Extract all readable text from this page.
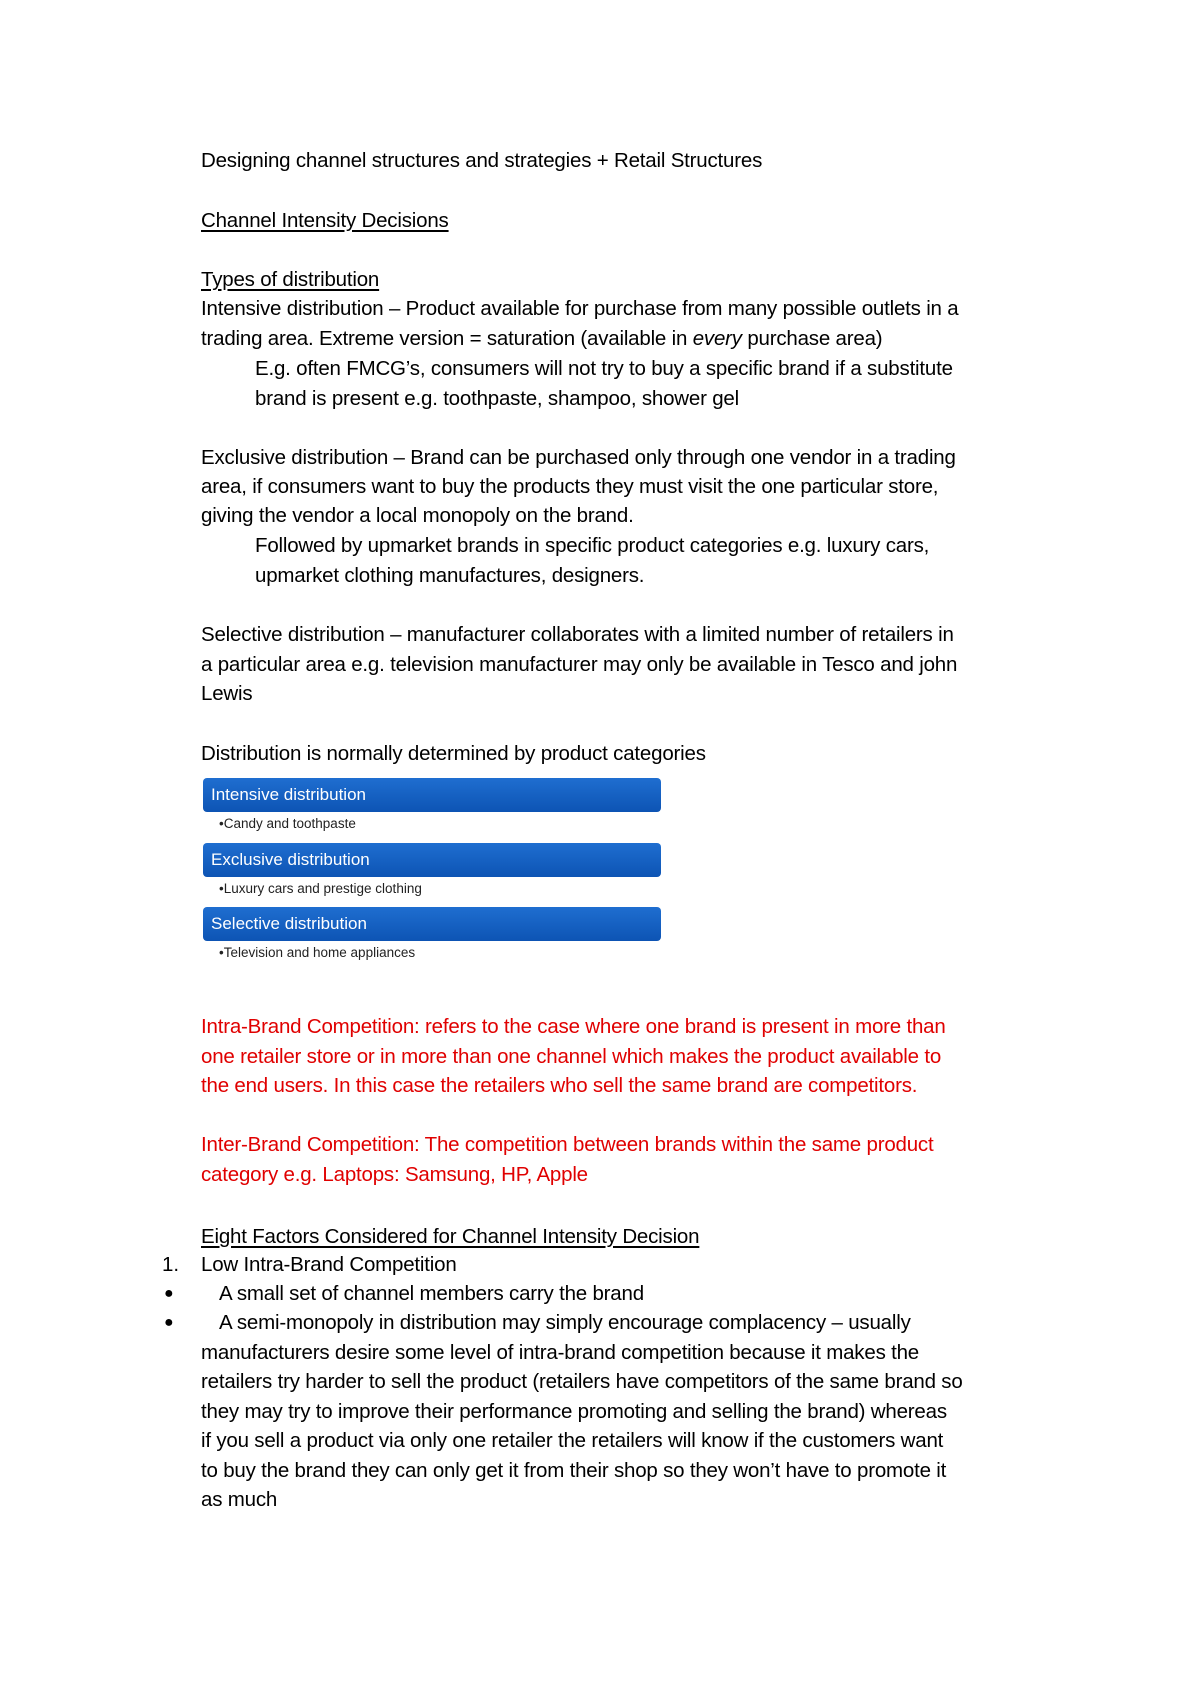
Designing channel structures and strategies + Retail Structures
Channel Intensity Decisions
Types of distribution
Intensive distribution – Product available for purchase from many possible outlets in a
trading area. Extreme version = saturation (available in every purchase area)
E.g. often FMCG’s, consumers will not try to buy a specific brand if a substitute
brand is present e.g. toothpaste, shampoo, shower gel
Exclusive distribution – Brand can be purchased only through one vendor in a trading
area, if consumers want to buy the products they must visit the one particular store,
giving the vendor a local monopoly on the brand.
Followed by upmarket brands in specific product categories e.g. luxury cars,
upmarket clothing manufactures, designers.
Selective distribution – manufacturer collaborates with a limited number of retailers in
a particular area e.g. television manufacturer may only be available in Tesco and john
Lewis
Distribution is normally determined by product categories
Intensive distribution
•Candy and toothpaste
Exclusive distribution
•Luxury cars and prestige clothing
Selective distribution
•Television and home appliances
Intra-Brand Competition: refers to the case where one brand is present in more than
one retailer store or in more than one channel which makes the product available to
the end users. In this case the retailers who sell the same brand are competitors.
Inter-Brand Competition: The competition between brands within the same product
category e.g. Laptops: Samsung, HP, Apple
Eight Factors Considered for Channel Intensity Decision
1. Low Intra-Brand Competition
● A small set of channel members carry the brand
● A semi-monopoly in distribution may simply encourage complacency – usually
manufacturers desire some level of intra-brand competition because it makes the
retailers try harder to sell the product (retailers have competitors of the same brand so
they may try to improve their performance promoting and selling the brand) whereas
if you sell a product via only one retailer the retailers will know if the customers want
to buy the brand they can only get it from their shop so they won’t have to promote it
as much
